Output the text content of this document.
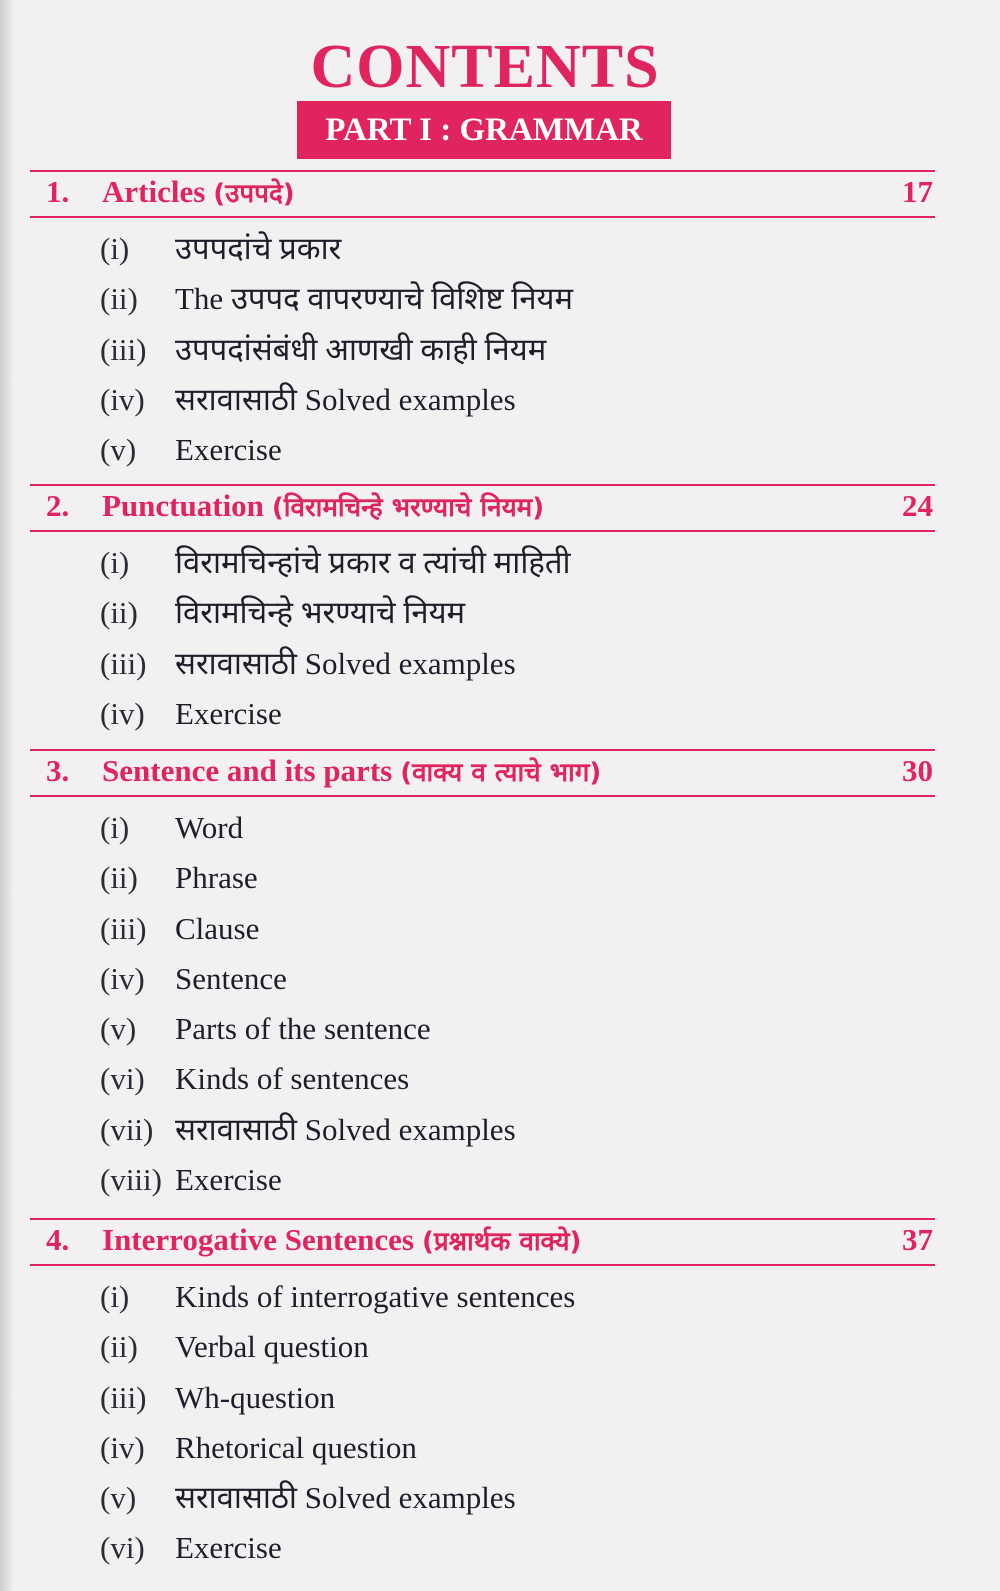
CONTENTS
PART I : GRAMMAR
1. Articles (उपपदे)	17
(i) उपपदांचे प्रकार
(ii) The उपपद वापरण्याचे विशिष्ट नियम
(iii) उपपदांसंबंधी आणखी काही नियम
(iv) सरावासाठी Solved examples
(v) Exercise
2. Punctuation (विरामचिन्हे भरण्याचे नियम)	24
(i) विरामचिन्हांचे प्रकार व त्यांची माहिती
(ii) विरामचिन्हे भरण्याचे नियम
(iii) सरावासाठी Solved examples
(iv) Exercise
3. Sentence and its parts (वाक्य व त्याचे भाग)	30
(i) Word
(ii) Phrase
(iii) Clause
(iv) Sentence
(v) Parts of the sentence
(vi) Kinds of sentences
(vii) सरावासाठी Solved examples
(viii) Exercise
4. Interrogative Sentences (प्रश्नार्थक वाक्ये)	37
(i) Kinds of interrogative sentences
(ii) Verbal question
(iii) Wh-question
(iv) Rhetorical question
(v) सरावासाठी Solved examples
(vi) Exercise
